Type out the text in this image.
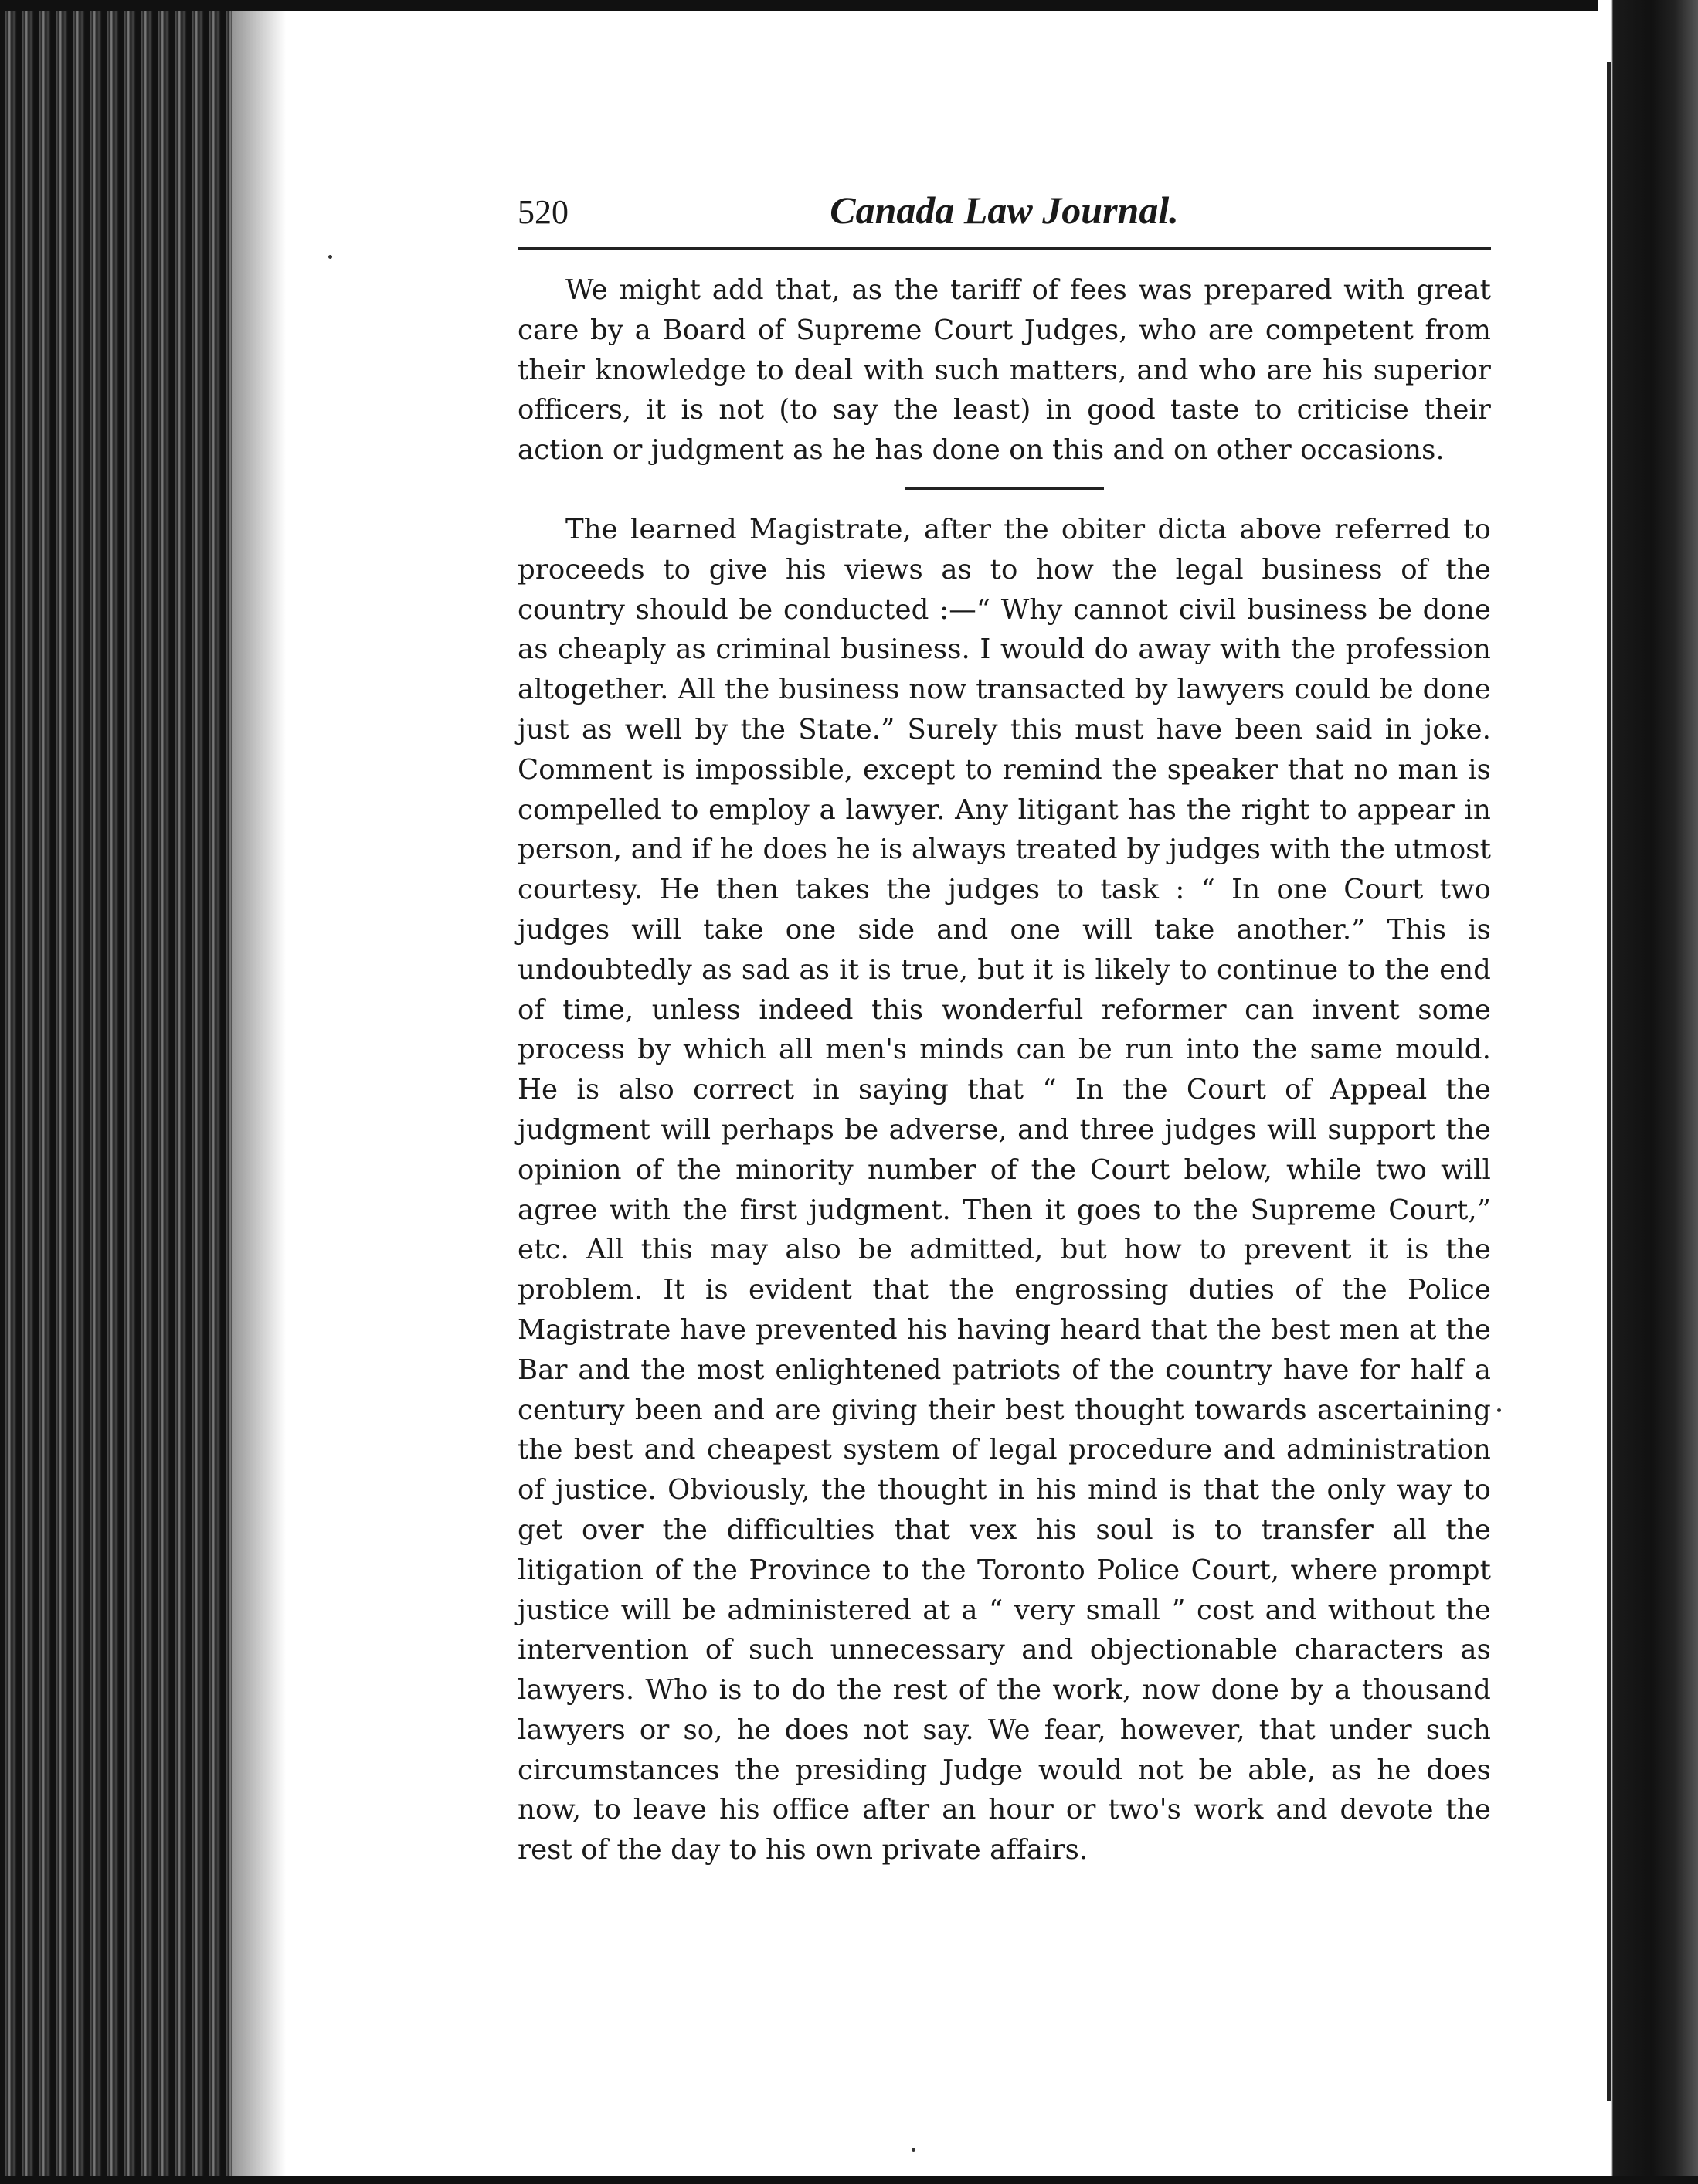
520	Canada Law Journal.

We might add that, as the tariff of fees was prepared with great care by a Board of Supreme Court Judges, who are competent from their knowledge to deal with such matters, and who are his superior officers, it is not (to say the least) in good taste to criticise their action or judgment as he has done on this and on other occasions.

The learned Magistrate, after the obiter dicta above referred to proceeds to give his views as to how the legal business of the country should be conducted :—“ Why cannot civil business be done as cheaply as criminal business. I would do away with the profession altogether. All the business now transacted by lawyers could be done just as well by the State.” Surely this must have been said in joke. Comment is impossible, except to remind the speaker that no man is compelled to employ a lawyer. Any litigant has the right to appear in person, and if he does he is always treated by judges with the utmost courtesy. He then takes the judges to task : “ In one Court two judges will take one side and one will take another.” This is undoubtedly as sad as it is true, but it is likely to continue to the end of time, unless indeed this wonderful reformer can invent some process by which all men's minds can be run into the same mould. He is also correct in saying that “ In the Court of Appeal the judgment will perhaps be adverse, and three judges will support the opinion of the minority number of the Court below, while two will agree with the first judgment. Then it goes to the Supreme Court,” etc. All this may also be admitted, but how to prevent it is the problem. It is evident that the engrossing duties of the Police Magistrate have prevented his having heard that the best men at the Bar and the most enlightened patriots of the country have for half a century been and are giving their best thought towards ascertaining the best and cheapest system of legal procedure and administration of justice. Obviously, the thought in his mind is that the only way to get over the difficulties that vex his soul is to transfer all the litigation of the Province to the Toronto Police Court, where prompt justice will be administered at a “ very small ” cost and without the intervention of such unnecessary and objectionable characters as lawyers. Who is to do the rest of the work, now done by a thousand lawyers or so, he does not say. We fear, however, that under such circumstances the presiding Judge would not be able, as he does now, to leave his office after an hour or two's work and devote the rest of the day to his own private affairs.
